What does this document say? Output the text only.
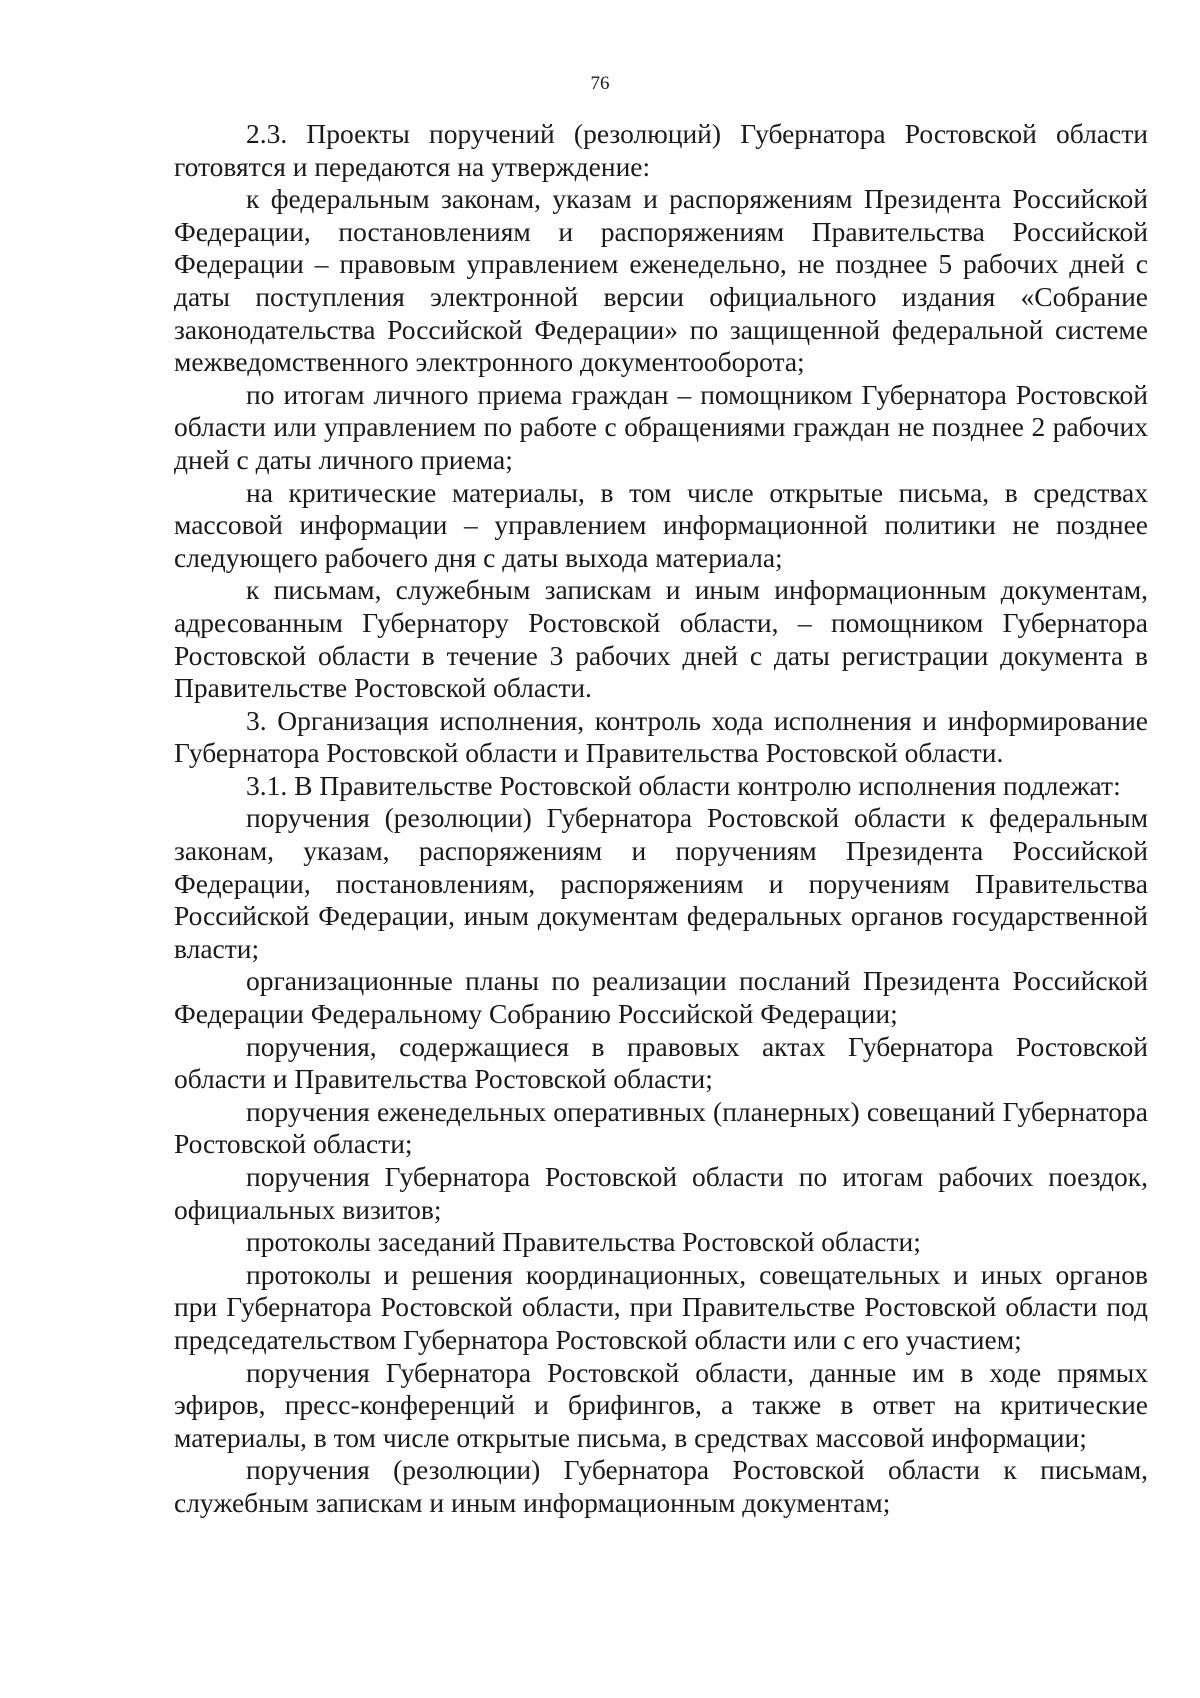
76

2.3. Проекты поручений (резолюций) Губернатора Ростовской области готовятся и передаются на утверждение:

к федеральным законам, указам и распоряжениям Президента Российской Федерации, постановлениям и распоряжениям Правительства Российской Федерации – правовым управлением еженедельно, не позднее 5 рабочих дней с даты поступления электронной версии официального издания «Собрание законодательства Российской Федерации» по защищенной федеральной системе межведомственного электронного документооборота;

по итогам личного приема граждан – помощником Губернатора Ростовской области или управлением по работе с обращениями граждан не позднее 2 рабочих дней с даты личного приема;

на критические материалы, в том числе открытые письма, в средствах массовой информации – управлением информационной политики не позднее следующего рабочего дня с даты выхода материала;

к письмам, служебным запискам и иным информационным документам, адресованным Губернатору Ростовской области, – помощником Губернатора Ростовской области в течение 3 рабочих дней с даты регистрации документа в Правительстве Ростовской области.

3. Организация исполнения, контроль хода исполнения и информирование Губернатора Ростовской области и Правительства Ростовской области.

3.1. В Правительстве Ростовской области контролю исполнения подлежат:

поручения (резолюции) Губернатора Ростовской области к федеральным законам, указам, распоряжениям и поручениям Президента Российской Федерации, постановлениям, распоряжениям и поручениям Правительства Российской Федерации, иным документам федеральных органов государственной власти;

организационные планы по реализации посланий Президента Российской Федерации Федеральному Собранию Российской Федерации;

поручения, содержащиеся в правовых актах Губернатора Ростовской области и Правительства Ростовской области;

поручения еженедельных оперативных (планерных) совещаний Губернатора Ростовской области;

поручения Губернатора Ростовской области по итогам рабочих поездок, официальных визитов;

протоколы заседаний Правительства Ростовской области;

протоколы и решения координационных, совещательных и иных органов при Губернатора Ростовской области, при Правительстве Ростовской области под председательством Губернатора Ростовской области или с его участием;

поручения Губернатора Ростовской области, данные им в ходе прямых эфиров, пресс-конференций и брифингов, а также в ответ на критические материалы, в том числе открытые письма, в средствах массовой информации;

поручения (резолюции) Губернатора Ростовской области к письмам, служебным запискам и иным информационным документам;
